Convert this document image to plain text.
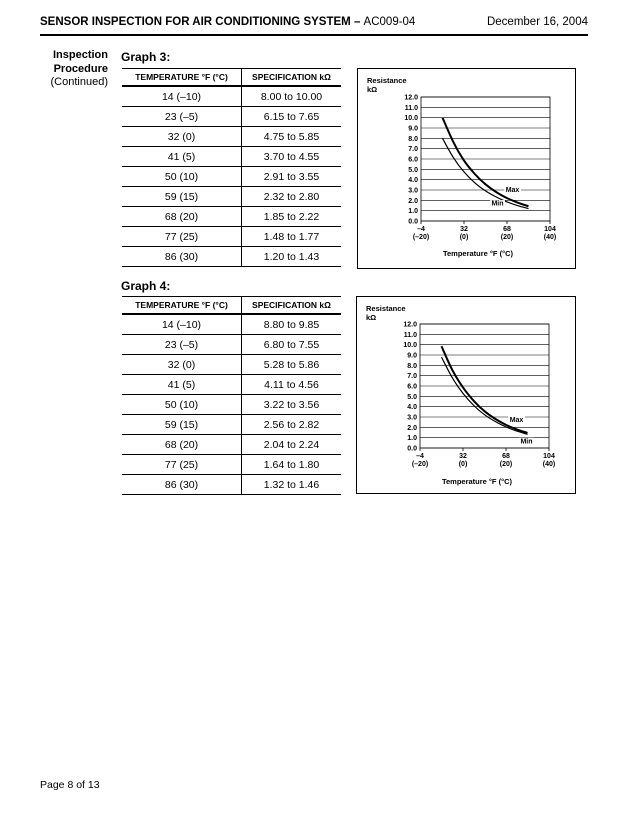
SENSOR INSPECTION FOR AIR CONDITIONING SYSTEM – AC009-04	December 16, 2004
Inspection
Procedure
(Continued)
Graph 3:
TEMPERATURE °F (°C)	SPECIFICATION kΩ
14 (–10)	8.00 to 10.00
23 (–5)	6.15 to 7.65
32 (0)	4.75 to 5.85
41 (5)	3.70 to 4.55
50 (10)	2.91 to 3.55
59 (15)	2.32 to 2.80
68 (20)	1.85 to 2.22
77 (25)	1.48 to 1.77
86 (30)	1.20 to 1.43
Resistance
kΩ
0.0
1.0
2.0
3.0
4.0
5.0
6.0
7.0
8.0
9.0
10.0
11.0
12.0
–4
(–20)
32
(0)
68
(20)
104
(40)
Temperature °F (°C)
Max
Min
Graph 4:
TEMPERATURE °F (°C)	SPECIFICATION kΩ
14 (–10)	8.80 to 9.85
23 (–5)	6.80 to 7.55
32 (0)	5.28 to 5.86
41 (5)	4.11 to 4.56
50 (10)	3.22 to 3.56
59 (15)	2.56 to 2.82
68 (20)	2.04 to 2.24
77 (25)	1.64 to 1.80
86 (30)	1.32 to 1.46
Resistance
kΩ
0.0
1.0
2.0
3.0
4.0
5.0
6.0
7.0
8.0
9.0
10.0
11.0
12.0
–4
(–20)
32
(0)
68
(20)
104
(40)
Temperature °F (°C)
Max
Min
Page 8 of 13
